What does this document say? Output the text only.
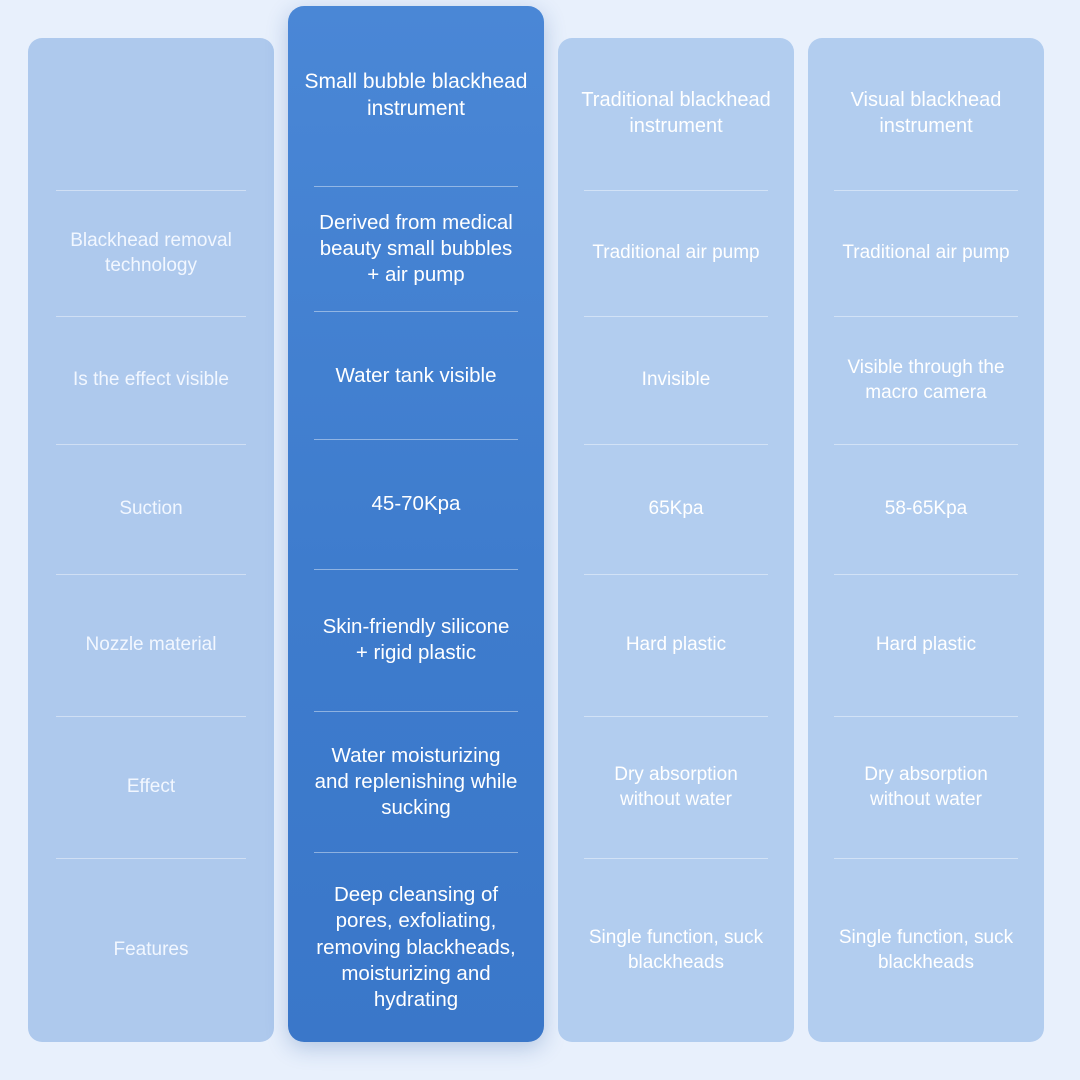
Blackhead removal technology
Is the effect visible
Suction
Nozzle material
Effect
Features
Small bubble blackhead instrument
Derived from medical beauty small bubbles + air pump
Water tank visible
45-70Kpa
Skin-friendly silicone + rigid plastic
Water moisturizing and replenishing while sucking
Deep cleansing of pores, exfoliating, removing blackheads, moisturizing and hydrating
Traditional blackhead instrument
Traditional air pump
Invisible
65Kpa
Hard plastic
Dry absorption without water
Single function, suck blackheads
Visual blackhead instrument
Traditional air pump
Visible through the macro camera
58-65Kpa
Hard plastic
Dry absorption without water
Single function, suck blackheads
